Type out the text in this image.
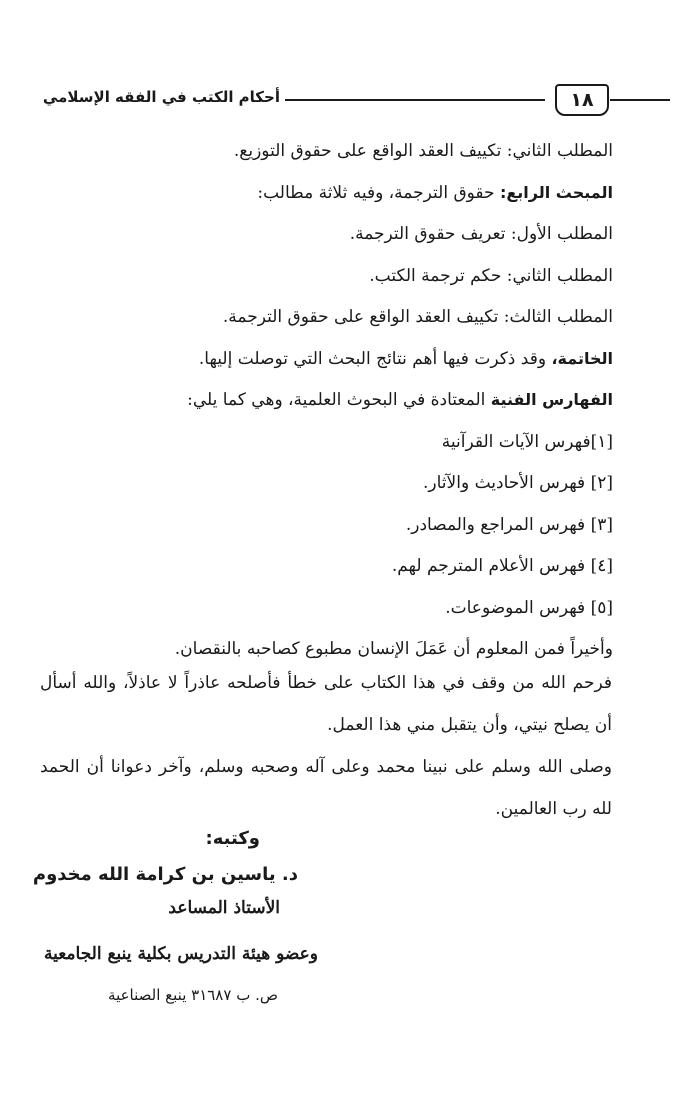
أحكام الكتب في الفقه الإسلامي	١٨
المطلب الثاني: تكييف العقد الواقع على حقوق التوزيع.
المبحث الرابع: حقوق الترجمة، وفيه ثلاثة مطالب:
المطلب الأول: تعريف حقوق الترجمة.
المطلب الثاني: حكم ترجمة الكتب.
المطلب الثالث: تكييف العقد الواقع على حقوق الترجمة.
الخاتمة، وقد ذكرت فيها أهم نتائج البحث التي توصلت إليها.
الفهارس الفنية المعتادة في البحوث العلمية، وهي كما يلي:
[١]فهرس الآيات القرآنية
[٢] فهرس الأحاديث والآثار.
[٣] فهرس المراجع والمصادر.
[٤] فهرس الأعلام المترجم لهم.
[٥] فهرس الموضوعات.
وأخيراً فمن المعلوم أن عَمَلَ الإنسان مطبوع كصاحبه بالنقصان.
فرحم الله من وقف في هذا الكتاب على خطأ فأصلحه عاذراً لا عاذلاً، والله أسأل أن يصلح نيتي، وأن يتقبل مني هذا العمل.
وصلى الله وسلم على نبينا محمد وعلى آله وصحبه وسلم، وآخر دعوانا أن الحمد لله رب العالمين.
وكتبه:
د. ياسين بن كرامة الله مخدوم
الأستاذ المساعد
وعضو هيئة التدريس بكلية ينبع الجامعية
ص. ب ٣١٦٨٧ ينبع الصناعية
